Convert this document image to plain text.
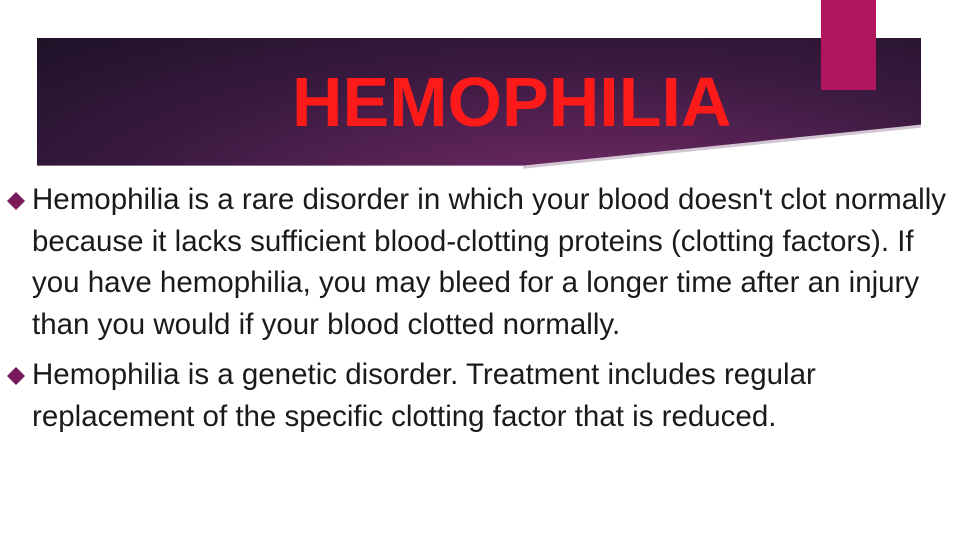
HEMOPHILIA
Hemophilia is a rare disorder in which your blood doesn't clot normally because it lacks sufficient blood-clotting proteins (clotting factors). If you have hemophilia, you may bleed for a longer time after an injury than you would if your blood clotted normally.
Hemophilia is a genetic disorder. Treatment includes regular replacement of the specific clotting factor that is reduced.
